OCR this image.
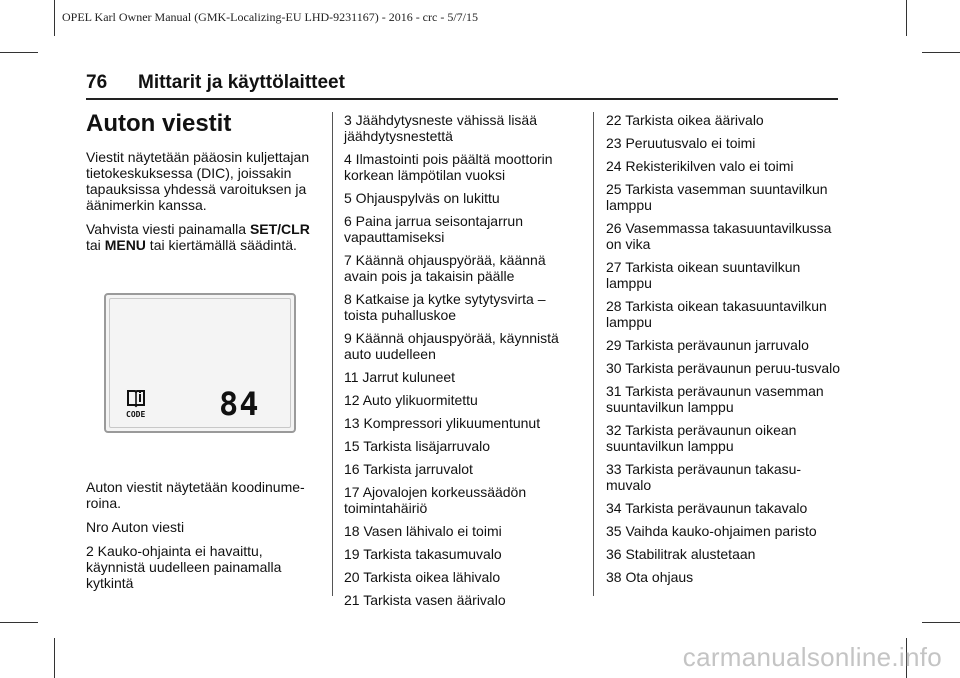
OPEL Karl Owner Manual (GMK-Localizing-EU LHD-9231167) - 2016 - crc - 5/7/15
76 Mittarit ja käyttölaitteet
Auton viestit

Viestit näytetään pääosin kuljettajan tietokeskuksessa (DIC), joissakin tapauksissa yhdessä varoituksen ja äänimerkin kanssa.

Vahvista viesti painamalla SET/CLR
tai MENU tai kiertämällä säädintä.

CODE 84

Auton viestit näytetään koodinume-roina.

Nro Auton viesti

2 Kauko-ohjainta ei havaittu, käynnistä uudelleen painamalla kytkintä

3 Jäähdytysneste vähissä lisää jäähdytysnestettä

4 Ilmastointi pois päältä moottorin korkean lämpötilan vuoksi

5 Ohjauspylväs on lukittu

6 Paina jarrua seisontajarrun vapauttamiseksi

7 Käännä ohjauspyörää, käännä avain pois ja takaisin päälle

8 Katkaise ja kytke sytytysvirta – toista puhalluskoe

9 Käännä ohjauspyörää, käynnistä auto uudelleen

11 Jarrut kuluneet

12 Auto ylikuormitettu

13 Kompressori ylikuumentunut

15 Tarkista lisäjarruvalo

16 Tarkista jarruvalot

17 Ajovalojen korkeussäädön toimintahäiriö

18 Vasen lähivalo ei toimi

19 Tarkista takasumuvalo

20 Tarkista oikea lähivalo

21 Tarkista vasen äärivalo

22 Tarkista oikea äärivalo

23 Peruutusvalo ei toimi

24 Rekisterikilven valo ei toimi

25 Tarkista vasemman suuntavilkun lamppu

26 Vasemmassa takasuuntavilkussa on vika

27 Tarkista oikean suuntavilkun lamppu

28 Tarkista oikean takasuuntavilkun lamppu

29 Tarkista perävaunun jarruvalo

30 Tarkista perävaunun peruu-tusvalo

31 Tarkista perävaunun vasemman suuntavilkun lamppu

32 Tarkista perävaunun oikean suuntavilkun lamppu

33 Tarkista perävaunun takasu-muvalo

34 Tarkista perävaunun takavalo

35 Vaihda kauko-ohjaimen paristo

36 Stabilitrak alustetaan

38 Ota ohjaus

carmanualsonline.info
